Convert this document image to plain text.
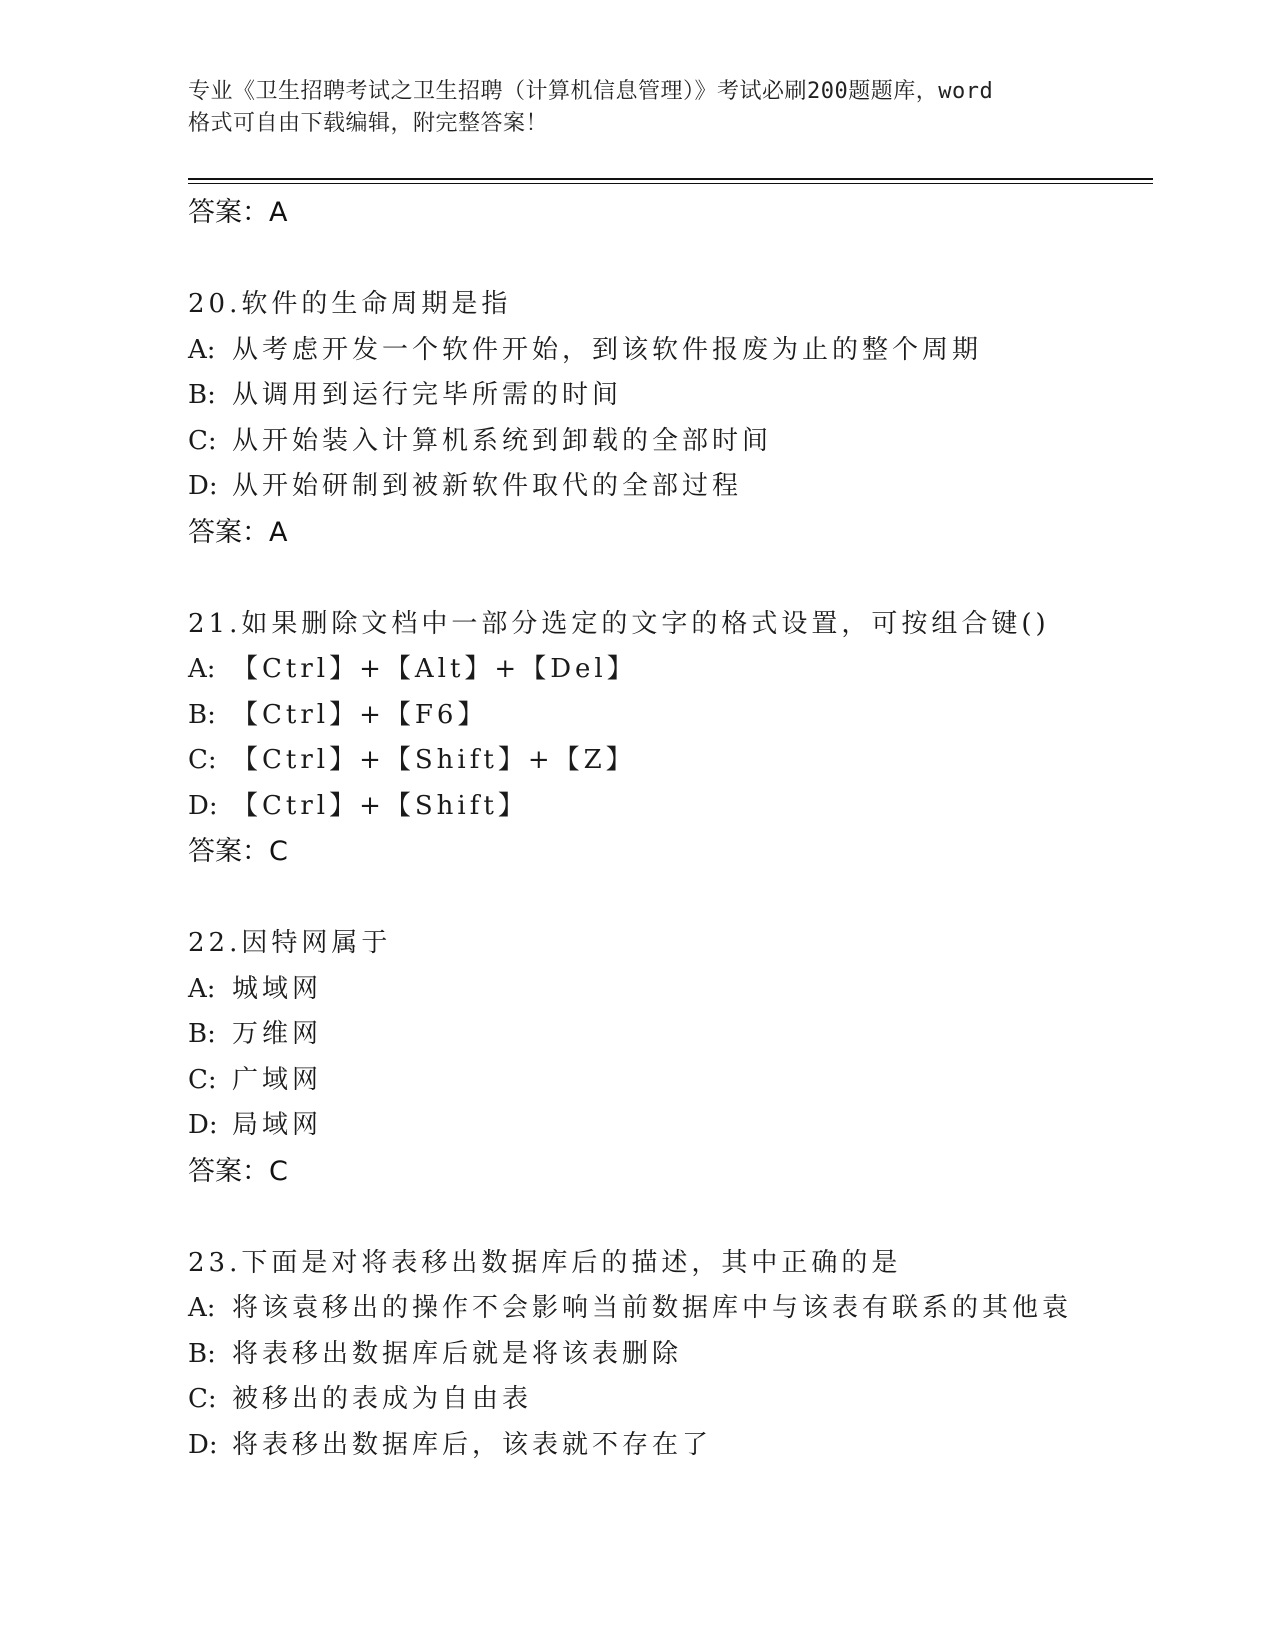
专业《卫生招聘考试之卫生招聘（计算机信息管理）》考试必刷200题题库，word
格式可自由下载编辑，附完整答案！
答案：A
20.软件的生命周期是指
A: 从考虑开发一个软件开始，到该软件报废为止的整个周期
B: 从调用到运行完毕所需的时间
C: 从开始装入计算机系统到卸载的全部时间
D: 从开始研制到被新软件取代的全部过程
答案：A
21.如果删除文档中一部分选定的文字的格式设置，可按组合键()
A: 【Ctrl】+【Alt】+【Del】
B: 【Ctrl】+【F6】
C: 【Ctrl】+【Shift】+【Z】
D: 【Ctrl】+【Shift】
答案：C
22.因特网属于
A: 城域网
B: 万维网
C: 广域网
D: 局域网
答案：C
23.下面是对将表移出数据库后的描述，其中正确的是
A: 将该袁移出的操作不会影响当前数据库中与该表有联系的其他袁
B: 将表移出数据库后就是将该表删除
C: 被移出的表成为自由表
D: 将表移出数据库后，该表就不存在了
